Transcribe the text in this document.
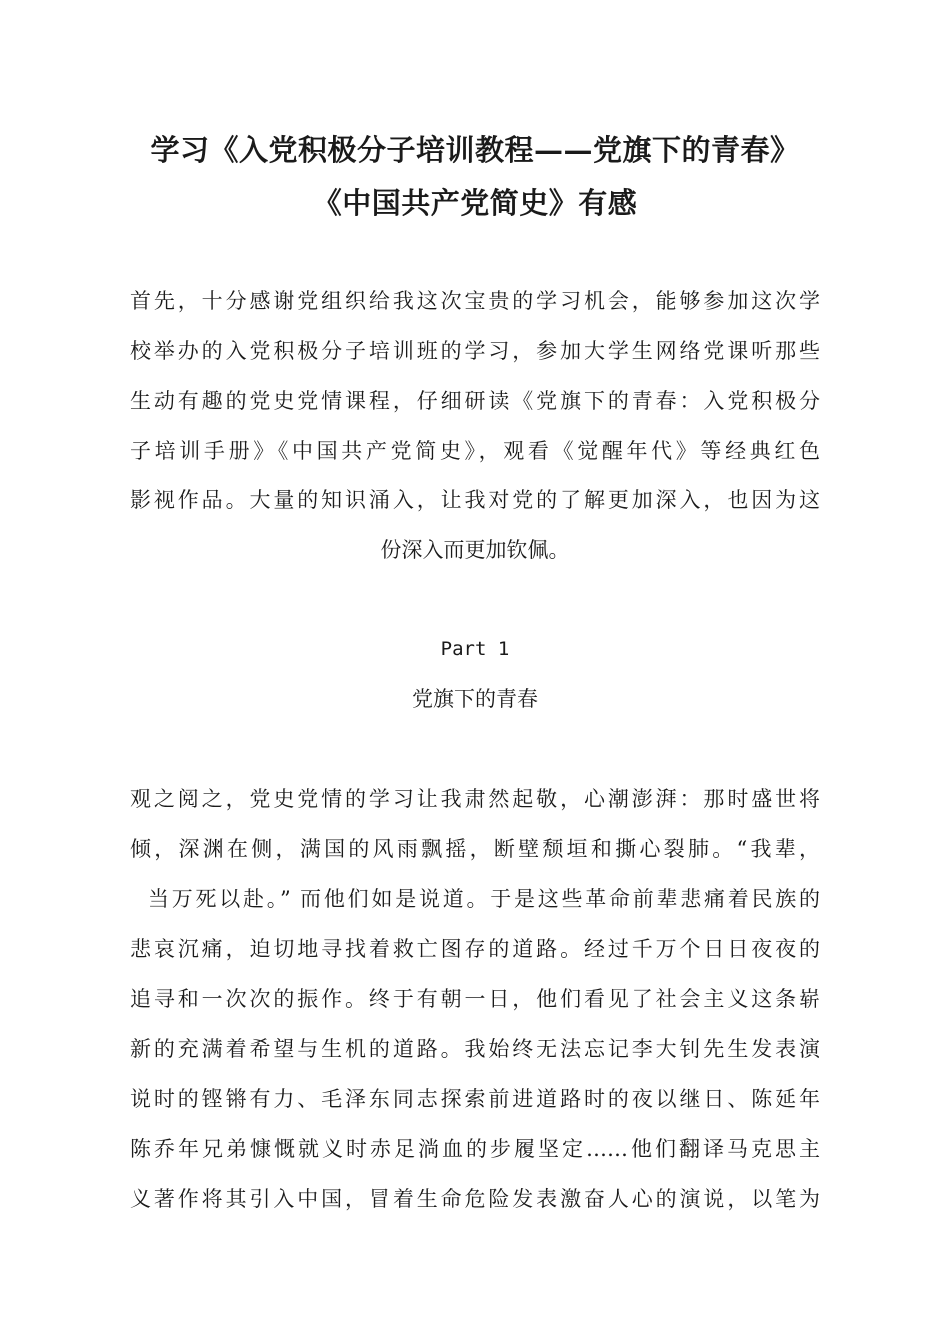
学习《入党积极分子培训教程——党旗下的青春》
《中国共产党简史》有感
首先，十分感谢党组织给我这次宝贵的学习机会，能够参加这次学
校举办的入党积极分子培训班的学习，参加大学生网络党课听那些
生动有趣的党史党情课程，仔细研读《党旗下的青春：入党积极分
子培训手册》《中国共产党简史》，观看《觉醒年代》等经典红色
影视作品。大量的知识涌入，让我对党的了解更加深入，也因为这
份深入而更加钦佩。
Part 1
党旗下的青春
观之阅之，党史党情的学习让我肃然起敬，心潮澎湃：那时盛世将
倾，深渊在侧，满国的风雨飘摇，断壁颓垣和撕心裂肺。“我辈，
当万死以赴。” 而他们如是说道。于是这些革命前辈悲痛着民族的
悲哀沉痛，迫切地寻找着救亡图存的道路。经过千万个日日夜夜的
追寻和一次次的振作。终于有朝一日，他们看见了社会主义这条崭
新的充满着希望与生机的道路。我始终无法忘记李大钊先生发表演
说时的铿锵有力、毛泽东同志探索前进道路时的夜以继日、陈延年
陈乔年兄弟慷慨就义时赤足淌血的步履坚定……他们翻译马克思主
义著作将其引入中国，冒着生命危险发表激奋人心的演说，以笔为
